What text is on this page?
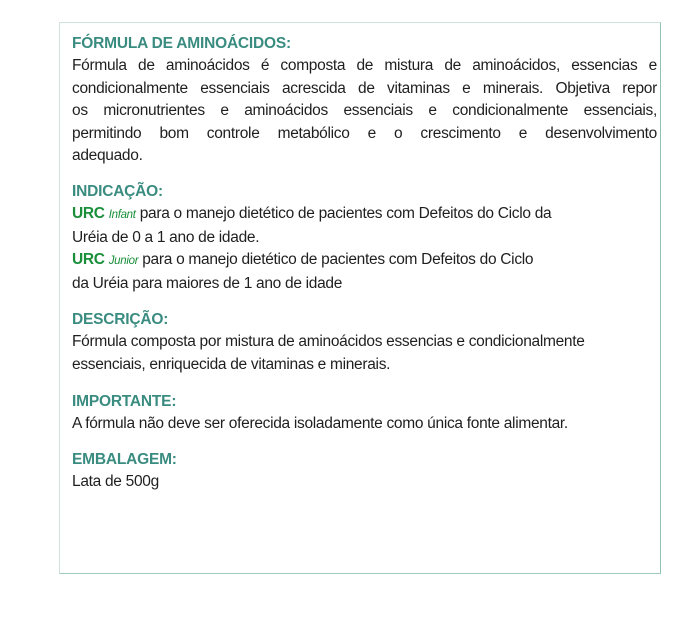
FÓRMULA DE AMINOÁCIDOS:
Fórmula de aminoácidos é composta de mistura de aminoácidos, essencias e
condicionalmente essenciais acrescida de vitaminas e minerais. Objetiva repor
os micronutrientes e aminoácidos essenciais e condicionalmente essenciais,
permitindo bom controle metabólico e o crescimento e desenvolvimento
adequado.
INDICAÇÃO:
URC Infant para o manejo dietético de pacientes com Defeitos do Ciclo da
Uréia de 0 a 1 ano de idade.
URC Junior para o manejo dietético de pacientes com Defeitos do Ciclo
da Uréia para maiores de 1 ano de idade
DESCRIÇÃO:
Fórmula composta por mistura de aminoácidos essencias e condicionalmente
essenciais, enriquecida de vitaminas e minerais.
IMPORTANTE:
A fórmula não deve ser oferecida isoladamente como única fonte alimentar.
EMBALAGEM:
Lata de 500g
